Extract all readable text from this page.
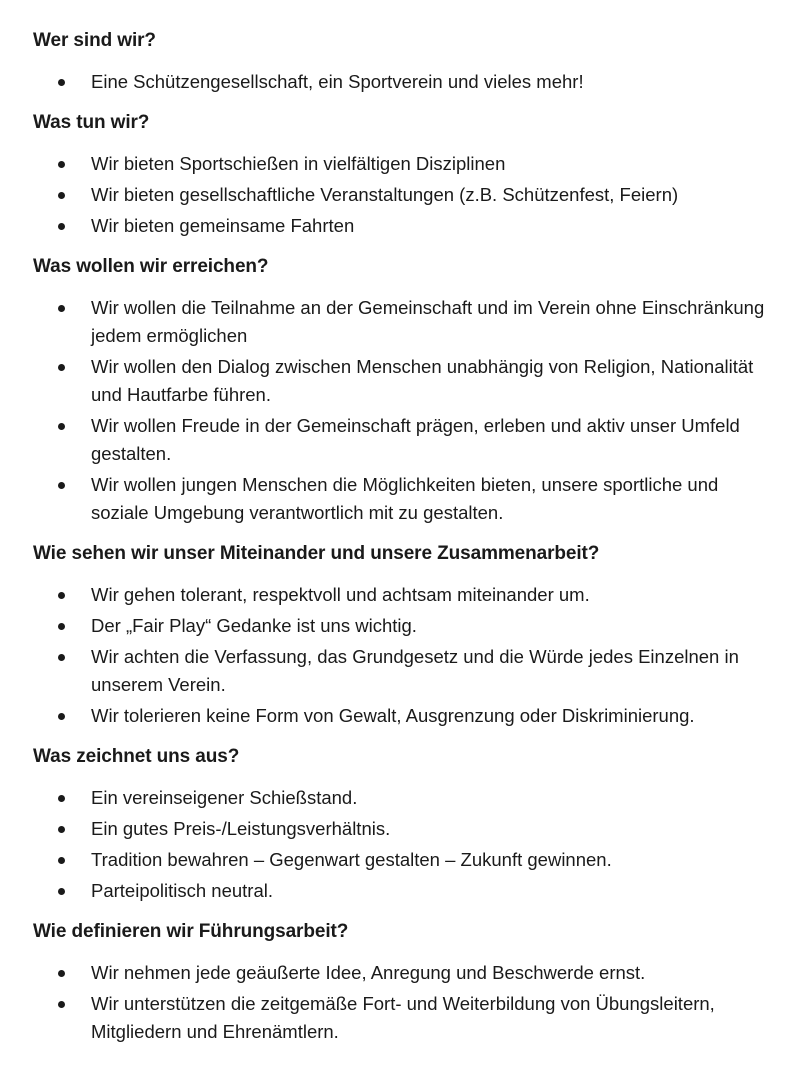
Wer sind wir?
Eine Schützengesellschaft, ein Sportverein und vieles mehr!
Was tun wir?
Wir bieten Sportschießen in vielfältigen Disziplinen
Wir bieten gesellschaftliche Veranstaltungen (z.B. Schützenfest, Feiern)
Wir bieten gemeinsame Fahrten
Was wollen wir erreichen?
Wir wollen die Teilnahme an der Gemeinschaft und im Verein ohne Einschränkung jedem ermöglichen
Wir wollen den Dialog zwischen Menschen unabhängig von Religion, Nationalität und Hautfarbe führen.
Wir wollen Freude in der Gemeinschaft prägen, erleben und aktiv unser Umfeld gestalten.
Wir wollen jungen Menschen die Möglichkeiten bieten, unsere sportliche und soziale Umgebung verantwortlich mit zu gestalten.
Wie sehen wir unser Miteinander und unsere Zusammenarbeit?
Wir gehen tolerant, respektvoll und achtsam miteinander um.
Der „Fair Play“ Gedanke ist uns wichtig.
Wir achten die Verfassung, das Grundgesetz und die Würde jedes Einzelnen in unserem Verein.
Wir tolerieren keine Form von Gewalt, Ausgrenzung oder Diskriminierung.
Was zeichnet uns aus?
Ein vereinseigener Schießstand.
Ein gutes Preis-/Leistungsverhältnis.
Tradition bewahren – Gegenwart gestalten – Zukunft gewinnen.
Parteipolitisch neutral.
Wie definieren wir Führungsarbeit?
Wir nehmen jede geäußerte Idee, Anregung und Beschwerde ernst.
Wir unterstützen die zeitgemäße Fort- und Weiterbildung von Übungsleitern, Mitgliedern und Ehrenämtlern.
